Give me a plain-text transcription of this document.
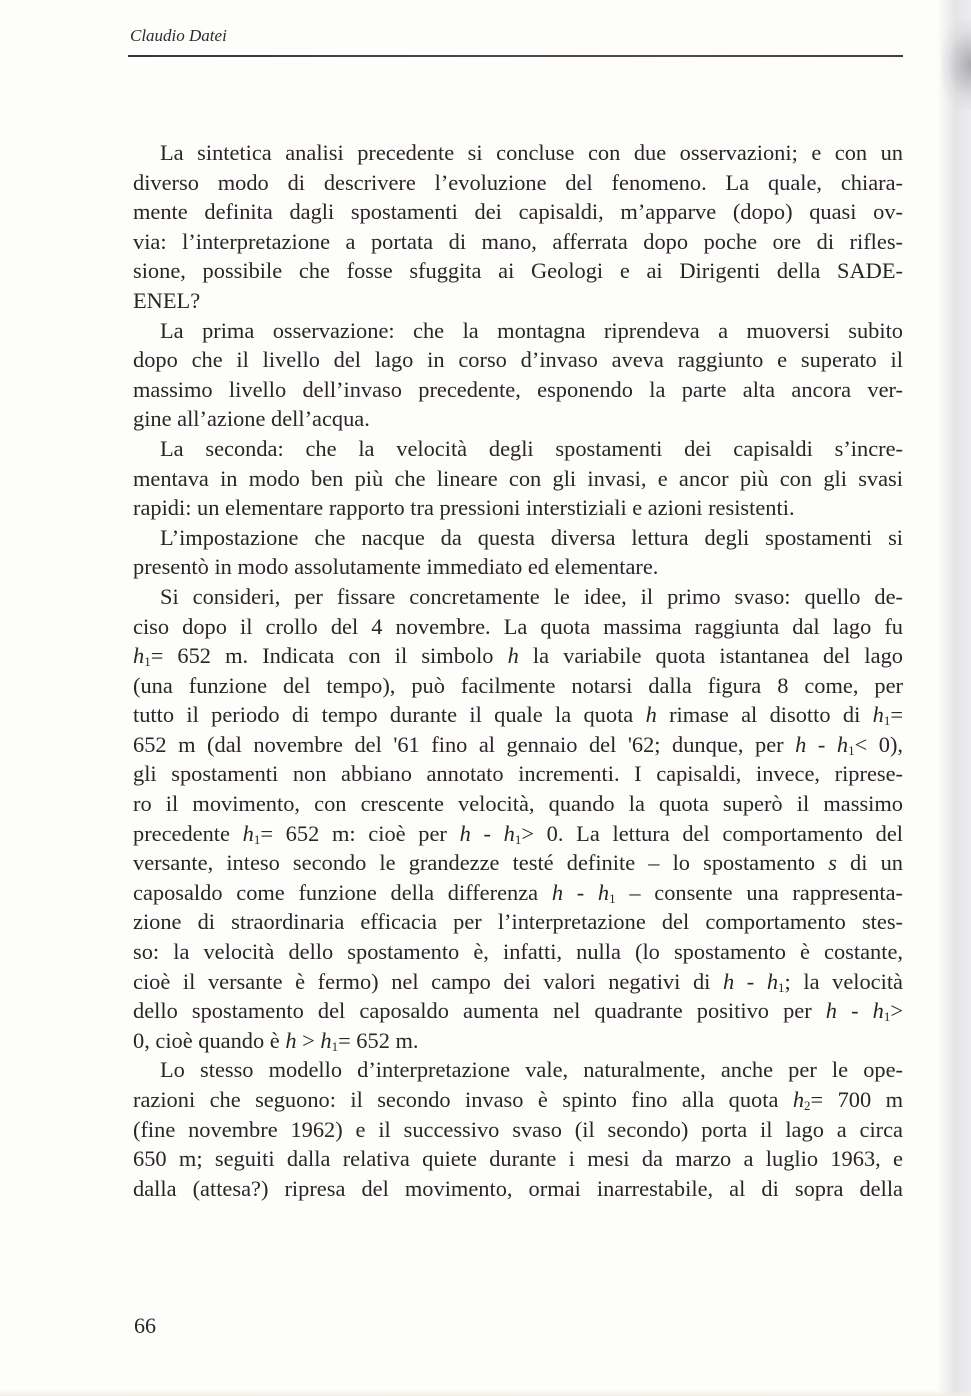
Claudio Datei
La sintetica analisi precedente si concluse con due osservazioni; e con un
diverso modo di descrivere l’evoluzione del fenomeno. La quale, chiara-
mente definita dagli spostamenti dei capisaldi, m’apparve (dopo) quasi ov-
via: l’interpretazione a portata di mano, afferrata dopo poche ore di rifles-
sione, possibile che fosse sfuggita ai Geologi e ai Dirigenti della SADE-
ENEL?
La prima osservazione: che la montagna riprendeva a muoversi subito
dopo che il livello del lago in corso d’invaso aveva raggiunto e superato il
massimo livello dell’invaso precedente, esponendo la parte alta ancora ver-
gine all’azione dell’acqua.
La seconda: che la velocità degli spostamenti dei capisaldi s’incre-
mentava in modo ben più che lineare con gli invasi, e ancor più con gli svasi
rapidi: un elementare rapporto tra pressioni interstiziali e azioni resistenti.
L’impostazione che nacque da questa diversa lettura degli spostamenti si
presentò in modo assolutamente immediato ed elementare.
Si consideri, per fissare concretamente le idee, il primo svaso: quello de-
ciso dopo il crollo del 4 novembre. La quota massima raggiunta dal lago fu
$h_1= 652$ m. Indicata con il simbolo h la variabile quota istantanea del lago
(una funzione del tempo), può facilmente notarsi dalla figura 8 come, per
tutto il periodo di tempo durante il quale la quota h rimase al disotto di $h_1=$
652 m (dal novembre del '61 fino al gennaio del '62; dunque, per $h - h_1< 0$),
gli spostamenti non abbiano annotato incrementi. I capisaldi, invece, riprese-
ro il movimento, con crescente velocità, quando la quota superò il massimo
precedente $h_1= 652$ m: cioè per $h - h_1> 0$. La lettura del comportamento del
versante, inteso secondo le grandezze testé definite – lo spostamento s di un
caposaldo come funzione della differenza h - $h_1$ – consente una rappresenta-
zione di straordinaria efficacia per l’interpretazione del comportamento stes-
so: la velocità dello spostamento è, infatti, nulla (lo spostamento è costante,
cioè il versante è fermo) nel campo dei valori negativi di h - $h_1$; la velocità
dello spostamento del caposaldo aumenta nel quadrante positivo per $h - h_1>$
0, cioè quando è $h > h_1= 652$ m.
Lo stesso modello d’interpretazione vale, naturalmente, anche per le ope-
razioni che seguono: il secondo invaso è spinto fino alla quota $h_2= 700$ m
(fine novembre 1962) e il successivo svaso (il secondo) porta il lago a circa
650 m; seguiti dalla relativa quiete durante i mesi da marzo a luglio 1963, e
dalla (attesa?) ripresa del movimento, ormai inarrestabile, al di sopra della
66
